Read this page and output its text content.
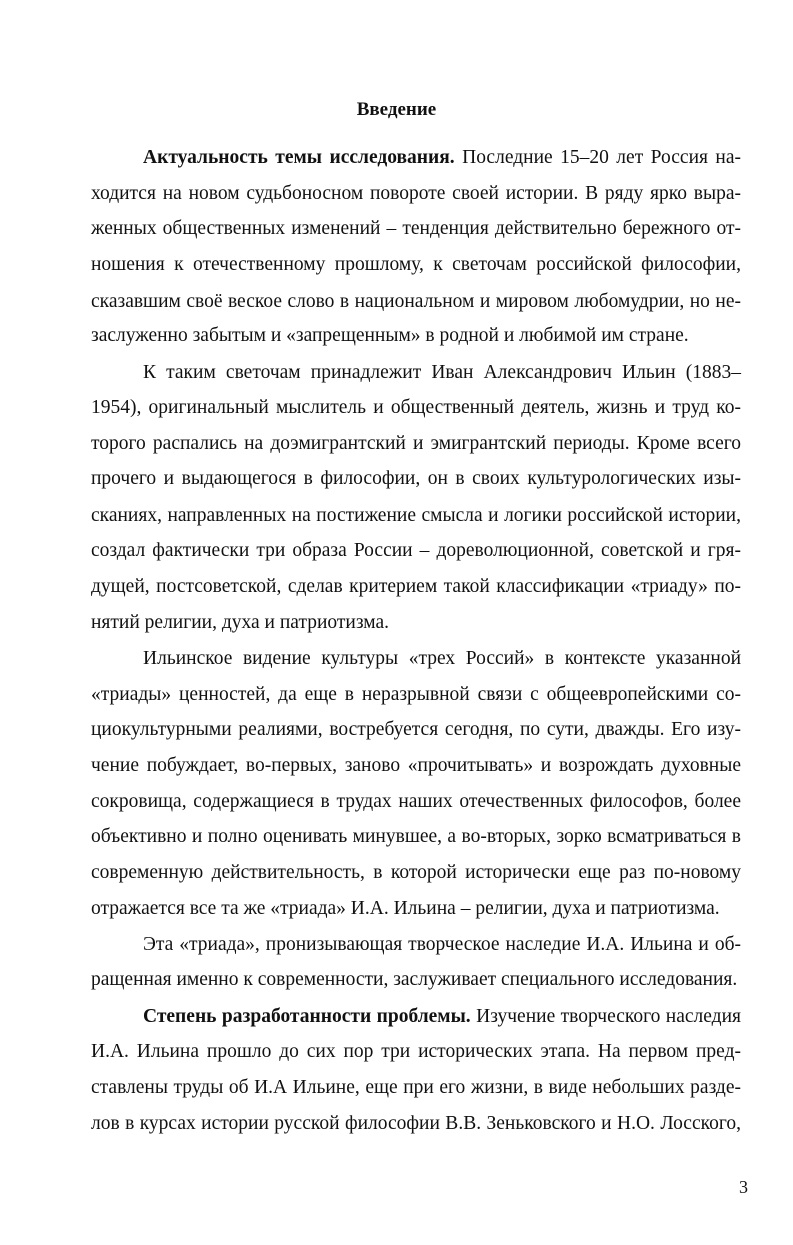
Введение
Актуальность темы исследования. Последние 15–20 лет Россия на-
ходится на новом судьбоносном повороте своей истории. В ряду ярко выра-
женных общественных изменений – тенденция действительно бережного от-
ношения к отечественному прошлому, к светочам российской философии,
сказавшим своё веское слово в национальном и мировом любомудрии, но не-
заслуженно забытым и «запрещенным» в родной и любимой им стране.
К таким светочам принадлежит Иван Александрович Ильин (1883–
1954), оригинальный мыслитель и общественный деятель, жизнь и труд ко-
торого распались на доэмигрантский и эмигрантский периоды. Кроме всего
прочего и выдающегося в философии, он в своих культурологических изы-
сканиях, направленных на постижение смысла и логики российской истории,
создал фактически три образа России – дореволюционной, советской и гря-
дущей, постсоветской, сделав критерием такой классификации «триаду» по-
нятий религии, духа и патриотизма.
Ильинское видение культуры «трех Россий» в контексте указанной
«триады» ценностей, да еще в неразрывной связи с общеевропейскими со-
циокультурными реалиями, востребуется сегодня, по сути, дважды. Его изу-
чение побуждает, во-первых, заново «прочитывать» и возрождать духовные
сокровища, содержащиеся в трудах наших отечественных философов, более
объективно и полно оценивать минувшее, а во-вторых, зорко всматриваться в
современную действительность, в которой исторически еще раз по-новому
отражается все та же «триада» И.А. Ильина – религии, духа и патриотизма.
Эта «триада», пронизывающая творческое наследие И.А. Ильина и об-
ращенная именно к современности, заслуживает специального исследования.
Степень разработанности проблемы. Изучение творческого наследия
И.А. Ильина прошло до сих пор три исторических этапа. На первом пред-
ставлены труды об И.А Ильине, еще при его жизни, в виде небольших разде-
лов в курсах истории русской философии В.В. Зеньковского и Н.О. Лосского,
3
